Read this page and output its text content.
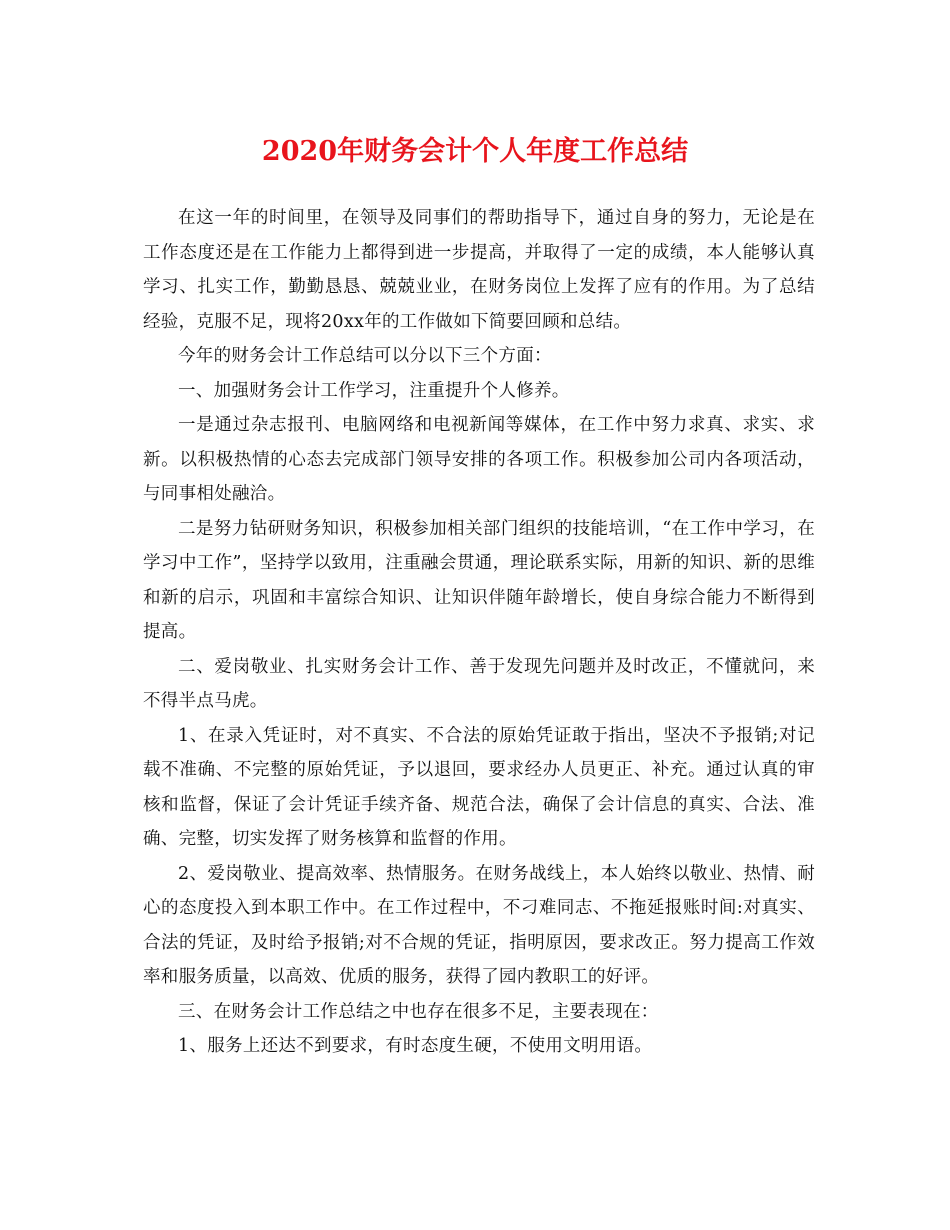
2020年财务会计个人年度工作总结

在这一年的时间里，在领导及同事们的帮助指导下，通过自身的努力，无论是在工作态度还是在工作能力上都得到进一步提高，并取得了一定的成绩，本人能够认真学习、扎实工作，勤勤恳恳、兢兢业业，在财务岗位上发挥了应有的作用。为了总结经验，克服不足，现将20xx年的工作做如下简要回顾和总结。

今年的财务会计工作总结可以分以下三个方面：

一、加强财务会计工作学习，注重提升个人修养。

一是通过杂志报刊、电脑网络和电视新闻等媒体，在工作中努力求真、求实、求新。以积极热情的心态去完成部门领导安排的各项工作。积极参加公司内各项活动，与同事相处融洽。

二是努力钻研财务知识，积极参加相关部门组织的技能培训，“在工作中学习，在学习中工作”，坚持学以致用，注重融会贯通，理论联系实际，用新的知识、新的思维和新的启示，巩固和丰富综合知识、让知识伴随年龄增长，使自身综合能力不断得到提高。

二、爱岗敬业、扎实财务会计工作、善于发现先问题并及时改正，不懂就问，来不得半点马虎。

1、在录入凭证时，对不真实、不合法的原始凭证敢于指出，坚决不予报销;对记载不准确、不完整的原始凭证，予以退回，要求经办人员更正、补充。通过认真的审核和监督，保证了会计凭证手续齐备、规范合法，确保了会计信息的真实、合法、准确、完整，切实发挥了财务核算和监督的作用。

2、爱岗敬业、提高效率、热情服务。在财务战线上，本人始终以敬业、热情、耐心的态度投入到本职工作中。在工作过程中，不刁难同志、不拖延报账时间:对真实、合法的凭证，及时给予报销;对不合规的凭证，指明原因，要求改正。努力提高工作效率和服务质量，以高效、优质的服务，获得了园内教职工的好评。

三、在财务会计工作总结之中也存在很多不足，主要表现在：

1、服务上还达不到要求，有时态度生硬，不使用文明用语。
